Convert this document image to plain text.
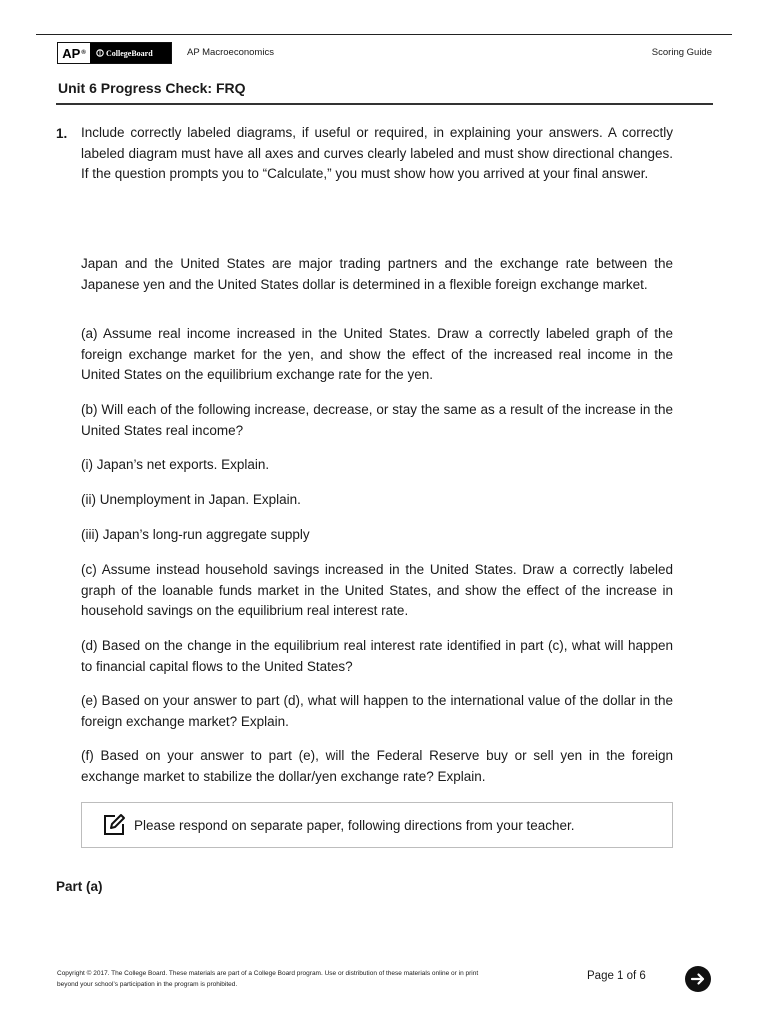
AP ®	CollegeBoard	AP Macroeconomics	Scoring Guide
Unit 6 Progress Check: FRQ
1. Include correctly labeled diagrams, if useful or required, in explaining your answers. A correctly labeled diagram must have all axes and curves clearly labeled and must show directional changes. If the question prompts you to “Calculate,” you must show how you arrived at your final answer.

Japan and the United States are major trading partners and the exchange rate between the Japanese yen and the United States dollar is determined in a flexible foreign exchange market.

(a) Assume real income increased in the United States. Draw a correctly labeled graph of the foreign exchange market for the yen, and show the effect of the increased real income in the United States on the equilibrium exchange rate for the yen.

(b) Will each of the following increase, decrease, or stay the same as a result of the increase in the United States real income?

(i) Japan’s net exports. Explain.

(ii) Unemployment in Japan. Explain.

(iii) Japan’s long-run aggregate supply

(c) Assume instead household savings increased in the United States. Draw a correctly labeled graph of the loanable funds market in the United States, and show the effect of the increase in household savings on the equilibrium real interest rate.

(d) Based on the change in the equilibrium real interest rate identified in part (c), what will happen to financial capital flows to the United States?

(e) Based on your answer to part (d), what will happen to the international value of the dollar in the foreign exchange market? Explain.

(f) Based on your answer to part (e), will the Federal Reserve buy or sell yen in the foreign exchange market to stabilize the dollar/yen exchange rate? Explain.

Please respond on separate paper, following directions from your teacher.
Part (a)
Copyright © 2017. The College Board. These materials are part of a College Board program. Use or distribution of these materials online or in print beyond your school’s participation in the program is prohibited.
Page 1 of 6
